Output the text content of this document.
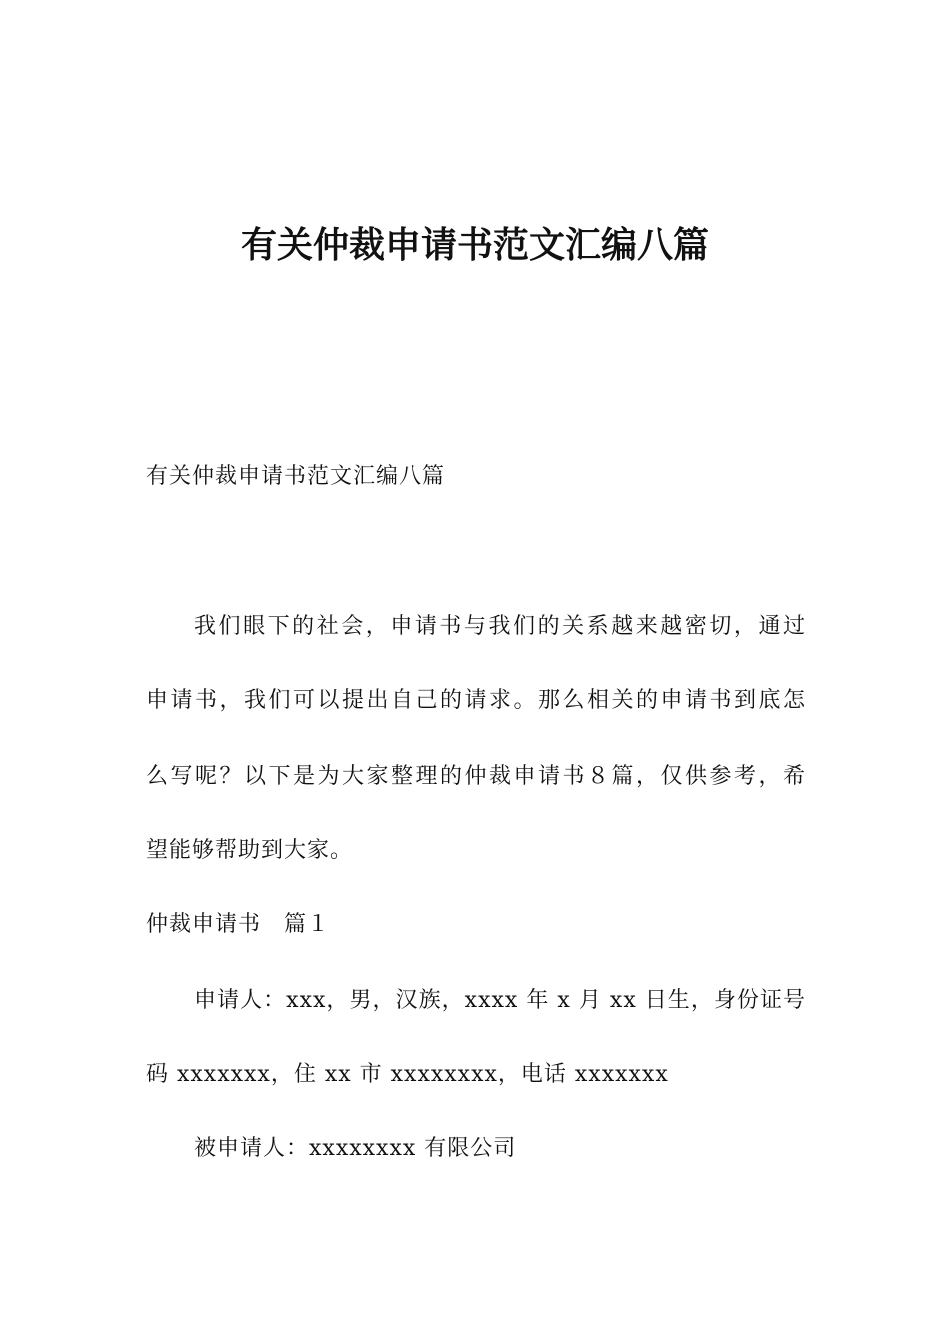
有关仲裁申请书范文汇编八篇
有关仲裁申请书范文汇编八篇
我们眼下的社会，申请书与我们的关系越来越密切，通过
申请书，我们可以提出自己的请求。那么相关的申请书到底怎
么写呢？以下是为大家整理的仲裁申请书８篇，仅供参考，希
望能够帮助到大家。
仲裁申请书　篇１
申请人：xxx，男，汉族，xxxx 年 x 月 xx 日生，身份证号
码 xxxxxxx，住 xx 市 xxxxxxxx，电话 xxxxxxx
被申请人：xxxxxxxx 有限公司
